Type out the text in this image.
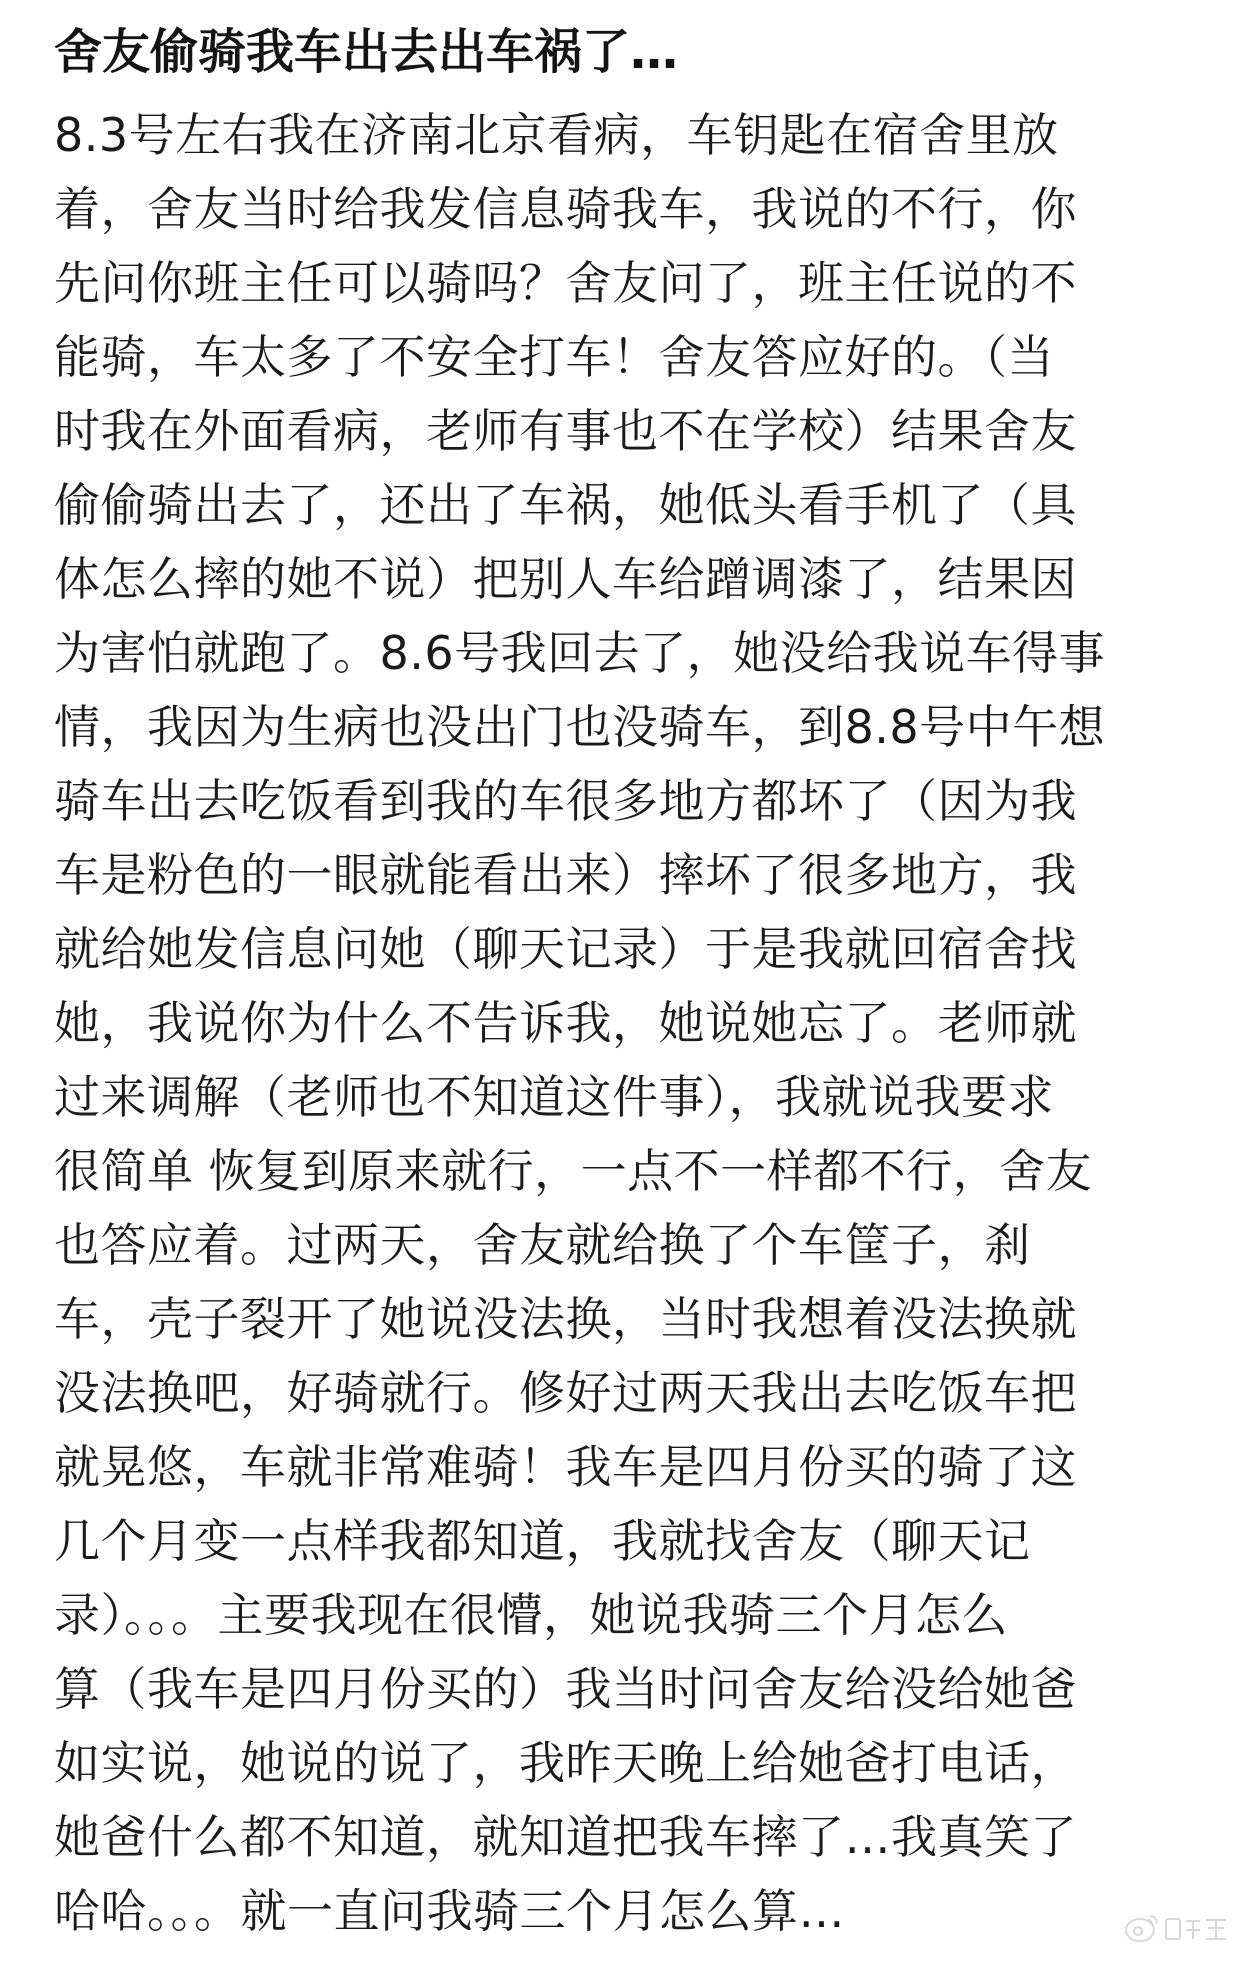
舍友偷骑我车出去出车祸了…
8.3号左右我在济南北京看病，车钥匙在宿舍里放
着，舍友当时给我发信息骑我车，我说的不行，你
先问你班主任可以骑吗？舍友问了，班主任说的不
能骑，车太多了不安全打车！舍友答应好的。（当
时我在外面看病，老师有事也不在学校）结果舍友
偷偷骑出去了，还出了车祸，她低头看手机了（具
体怎么摔的她不说）把别人车给蹭调漆了，结果因
为害怕就跑了。8.6号我回去了，她没给我说车得事
情，我因为生病也没出门也没骑车，到8.8号中午想
骑车出去吃饭看到我的车很多地方都坏了（因为我
车是粉色的一眼就能看出来）摔坏了很多地方，我
就给她发信息问她（聊天记录）于是我就回宿舍找
她，我说你为什么不告诉我，她说她忘了。老师就
过来调解（老师也不知道这件事），我就说我要求
很简单 恢复到原来就行，一点不一样都不行，舍友
也答应着。过两天，舍友就给换了个车筐子，刹
车，壳子裂开了她说没法换，当时我想着没法换就
没法换吧，好骑就行。修好过两天我出去吃饭车把
就晃悠，车就非常难骑！我车是四月份买的骑了这
几个月变一点样我都知道，我就找舍友（聊天记
录）。。。主要我现在很懵，她说我骑三个月怎么
算（我车是四月份买的）我当时问舍友给没给她爸
如实说，她说的说了，我昨天晚上给她爸打电话，
她爸什么都不知道，就知道把我车摔了…我真笑了
哈哈。。。就一直问我骑三个月怎么算…
